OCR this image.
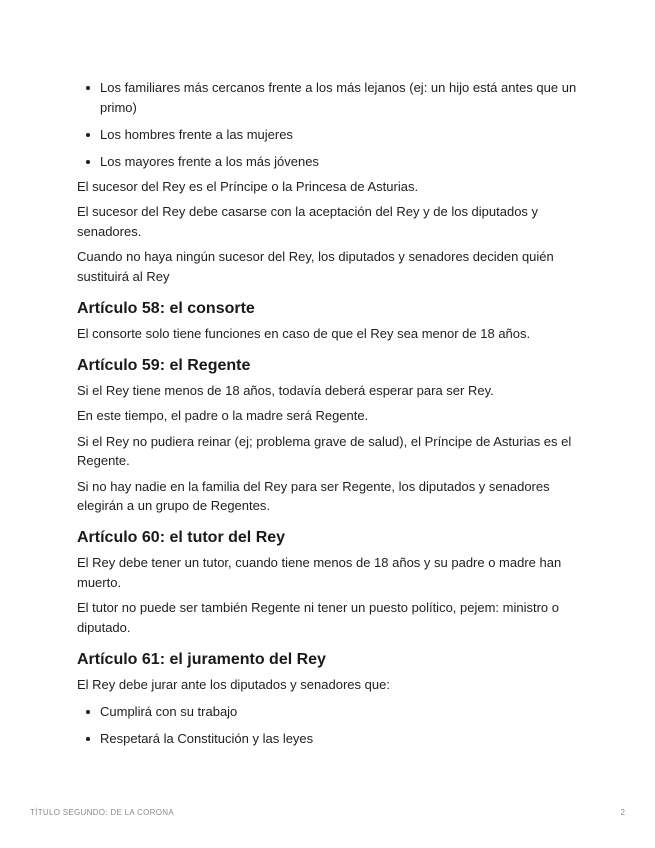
Los familiares más cercanos frente a los más lejanos (ej: un hijo está antes que un primo)
Los hombres frente a las mujeres
Los mayores frente a los más jóvenes

El sucesor del Rey es el Príncipe o la Princesa de Asturias.

El sucesor del Rey debe casarse con la aceptación del Rey y de los diputados y senadores.

Cuando no haya ningún sucesor del Rey, los diputados y senadores deciden quién sustituirá al Rey

Artículo 58: el consorte

El consorte solo tiene funciones en caso de que el Rey sea menor de 18 años.

Artículo 59: el Regente

Si el Rey tiene menos de 18 años, todavía deberá esperar para ser Rey.

En este tiempo, el padre o la madre será Regente.

Si el Rey no pudiera reinar (ej; problema grave de salud), el Príncipe de Asturias es el Regente.

Si no hay nadie en la familia del Rey para ser Regente, los diputados y senadores elegirán a un grupo de Regentes.

Artículo 60: el tutor del Rey

El Rey debe tener un tutor, cuando tiene menos de 18 años y su padre o madre han muerto.

El tutor no puede ser también Regente ni tener un puesto político, pejem: ministro o diputado.

Artículo 61: el juramento del Rey

El Rey debe jurar ante los diputados y senadores que:

Cumplirá con su trabajo
Respetará la Constitución y las leyes
TÍTULO SEGUNDO: DE LA CORONA	2
